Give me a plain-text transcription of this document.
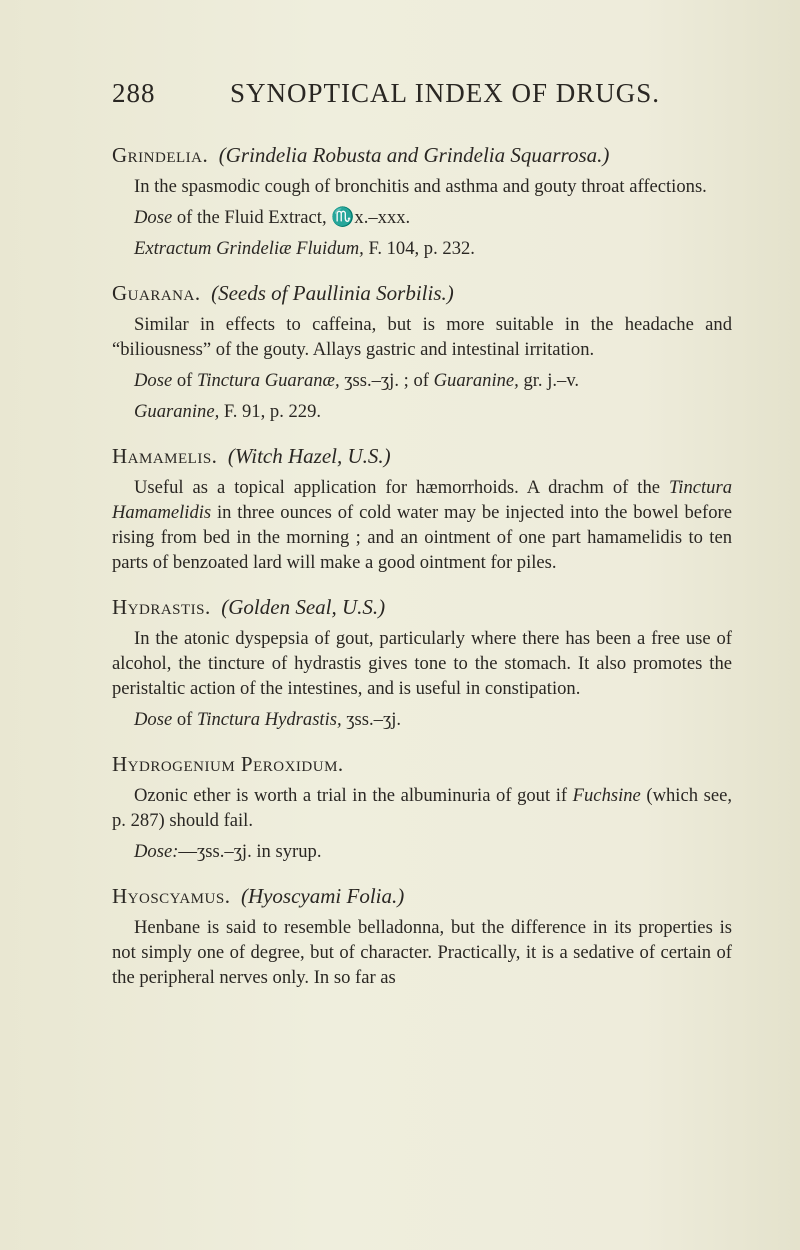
288	SYNOPTICAL INDEX OF DRUGS.
Grindelia. (Grindelia Robusta and Grindelia Squarrosa.)

In the spasmodic cough of bronchitis and asthma and gouty throat affections.

Dose of the Fluid Extract, ♏x.–xxx.

Extractum Grindeliæ Fluidum, F. 104, p. 232.

Guarana. (Seeds of Paullinia Sorbilis.)

Similar in effects to caffeina, but is more suitable in the headache and “biliousness” of the gouty. Allays gastric and intestinal irritation.

Dose of Tinctura Guaranæ, ʒss.–ʒj. ; of Guaranine, gr. j.–v.

Guaranine, F. 91, p. 229.

Hamamelis. (Witch Hazel, U.S.)

Useful as a topical application for hæmorrhoids. A drachm of the Tinctura Hamamelidis in three ounces of cold water may be injected into the bowel before rising from bed in the morning ; and an ointment of one part hamamelidis to ten parts of benzoated lard will make a good ointment for piles.

Hydrastis. (Golden Seal, U.S.)

In the atonic dyspepsia of gout, particularly where there has been a free use of alcohol, the tincture of hydrastis gives tone to the stomach. It also promotes the peristaltic action of the intestines, and is useful in constipation.

Dose of Tinctura Hydrastis, ʒss.–ʒj.

Hydrogenium Peroxidum.

Ozonic ether is worth a trial in the albuminuria of gout if Fuchsine (which see, p. 287) should fail.

Dose:—ʒss.–ʒj. in syrup.

Hyoscyamus. (Hyoscyami Folia.)

Henbane is said to resemble belladonna, but the difference in its properties is not simply one of degree, but of character. Practically, it is a sedative of certain of the peripheral nerves only. In so far as
